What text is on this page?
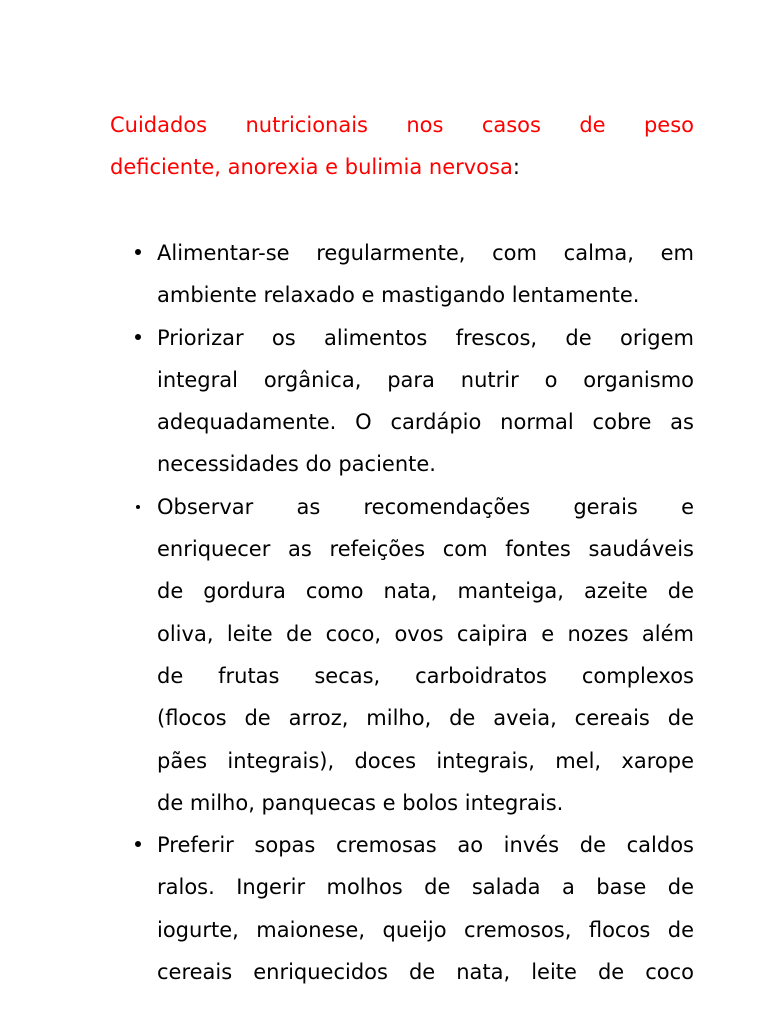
Cuidados nutricionais nos casos de peso
deficiente, anorexia e bulimia nervosa:
Alimentar-se regularmente, com calma, em
ambiente relaxado e mastigando lentamente.
Priorizar os alimentos frescos, de origem
integral orgânica, para nutrir o organismo
adequadamente. O cardápio normal cobre as
necessidades do paciente.
Observar as recomendações gerais e
enriquecer as refeições com fontes saudáveis
de gordura como nata, manteiga, azeite de
oliva, leite de coco, ovos caipira e nozes além
de frutas secas, carboidratos complexos
(flocos de arroz, milho, de aveia, cereais de
pães integrais), doces integrais, mel, xarope
de milho, panquecas e bolos integrais.
Preferir sopas cremosas ao invés de caldos
ralos. Ingerir molhos de salada a base de
iogurte, maionese, queijo cremosos, flocos de
cereais enriquecidos de nata, leite de coco
